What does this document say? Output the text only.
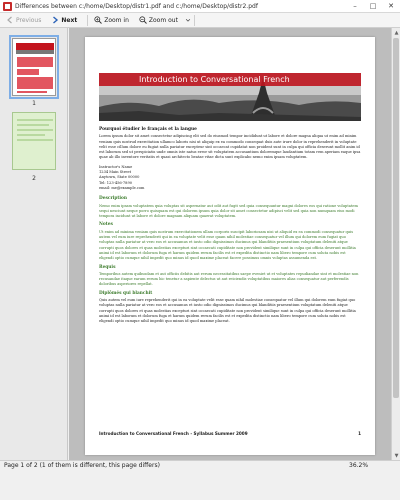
Differences between c:/home/Desktop/distr1.pdf and c:/home/Desktop/distr2.pdf	–	□	✕
Previous	Next	Zoom in	Zoom out
1
2
Introduction to Conversational French

Pourquoi étudier le français et la langue

Lorem ipsum dolor sit amet consectetur adipiscing elit sed do eiusmod tempor incididunt ut labore et dolore magna aliqua ut enim ad minim veniam quis nostrud exercitation ullamco laboris nisi ut aliquip ex ea commodo consequat duis aute irure dolor in reprehenderit in voluptate velit esse cillum dolore eu fugiat nulla pariatur excepteur sint occaecat cupidatat non proident sunt in culpa qui officia deserunt mollit anim id est laborum sed ut perspiciatis unde omnis iste natus error sit voluptatem accusantium doloremque laudantium totam rem aperiam eaque ipsa quae ab illo inventore veritatis et quasi architecto beatae vitae dicta sunt explicabo nemo enim ipsam voluptatem.

Instructor's Name
1234 Main Street
Anytown, State 00000
Tel: 123-456-7890
email: me@example.com
Description

Nemo enim ipsam voluptatem quia voluptas sit aspernatur aut odit aut fugit sed quia consequuntur magni dolores eos qui ratione voluptatem sequi nesciunt neque porro quisquam est qui dolorem ipsum quia dolor sit amet consectetur adipisci velit sed quia non numquam eius modi tempora incidunt ut labore et dolore magnam aliquam quaerat voluptatem.

Notes

Ut enim ad minima veniam quis nostrum exercitationem ullam corporis suscipit laboriosam nisi ut aliquid ex ea commodi consequatur quis autem vel eum iure reprehenderit qui in ea voluptate velit esse quam nihil molestiae consequatur vel illum qui dolorem eum fugiat quo voluptas nulla pariatur at vero eos et accusamus et iusto odio dignissimos ducimus qui blanditiis praesentium voluptatum deleniti atque corrupti quos dolores et quas molestias excepturi sint occaecati cupiditate non provident similique sunt in culpa qui officia deserunt mollitia animi id est laborum et dolorum fuga et harum quidem rerum facilis est et expedita distinctio nam libero tempore cum soluta nobis est eligendi optio cumque nihil impedit quo minus id quod maxime placeat facere possimus omnis voluptas assumenda est.

Requis

Temporibus autem quibusdam et aut officiis debitis aut rerum necessitatibus saepe eveniet ut et voluptates repudiandae sint et molestiae non recusandae itaque earum rerum hic tenetur a sapiente delectus ut aut reiciendis voluptatibus maiores alias consequatur aut perferendis doloribus asperiores repellat.

Diplômés qui blanchit

Quis autem vel eum iure reprehenderit qui in ea voluptate velit esse quam nihil molestiae consequatur vel illum qui dolorem eum fugiat quo voluptas nulla pariatur at vero eos et accusamus et iusto odio dignissimos ducimus qui blanditiis praesentium voluptatum deleniti atque corrupti quos dolores et quas molestias excepturi sint occaecati cupiditate non provident similique sunt in culpa qui officia deserunt mollitia animi id est laborum et dolorum fuga et harum quidem rerum facilis est et expedita distinctio nam libero tempore cum soluta nobis est eligendi optio cumque nihil impedit quo minus id quod maxime placeat.

Introduction to Conversational French - Syllabus Summer 2009	1
▲
▼
Page 1 of 2 (1 of them is different, this page differs)	36.2%
